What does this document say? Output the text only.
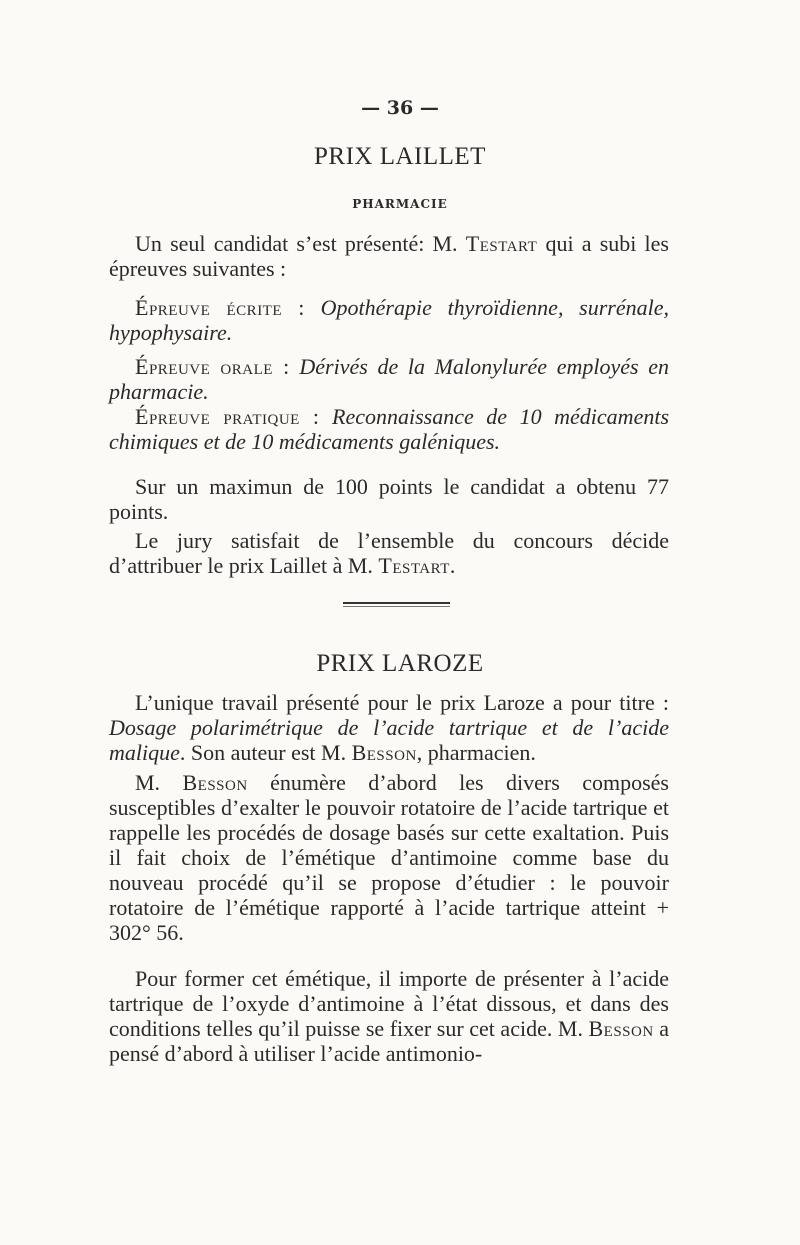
— 36 —
PRIX LAILLET
PHARMACIE
Un seul candidat s’est présenté: M. Testart qui a subi les épreuves suivantes :
Épreuve écrite : Opothérapie thyroïdienne, surrénale, hypophysaire.
Épreuve orale : Dérivés de la Malonylurée employés en pharmacie.
Épreuve pratique : Reconnaissance de 10 médicaments chimiques et de 10 médicaments galéniques.
Sur un maximun de 100 points le candidat a obtenu 77 points.
Le jury satisfait de l’ensemble du concours décide d’attribuer le prix Laillet à M. Testart.
PRIX LAROZE
L’unique travail présenté pour le prix Laroze a pour titre : Dosage polarimétrique de l’acide tartrique et de l’acide malique. Son auteur est M. Besson, pharmacien.
M. Besson énumère d’abord les divers composés susceptibles d’exalter le pouvoir rotatoire de l’acide tartrique et rappelle les procédés de dosage basés sur cette exaltation. Puis il fait choix de l’émétique d’antimoine comme base du nouveau procédé qu’il se propose d’étudier : le pouvoir rotatoire de l’émétique rapporté à l’acide tartrique atteint + 302° 56.
Pour former cet émétique, il importe de présenter à l’acide tartrique de l’oxyde d’antimoine à l’état dissous, et dans des conditions telles qu’il puisse se fixer sur cet acide. M. Besson a pensé d’abord à utiliser l’acide antimonio-
